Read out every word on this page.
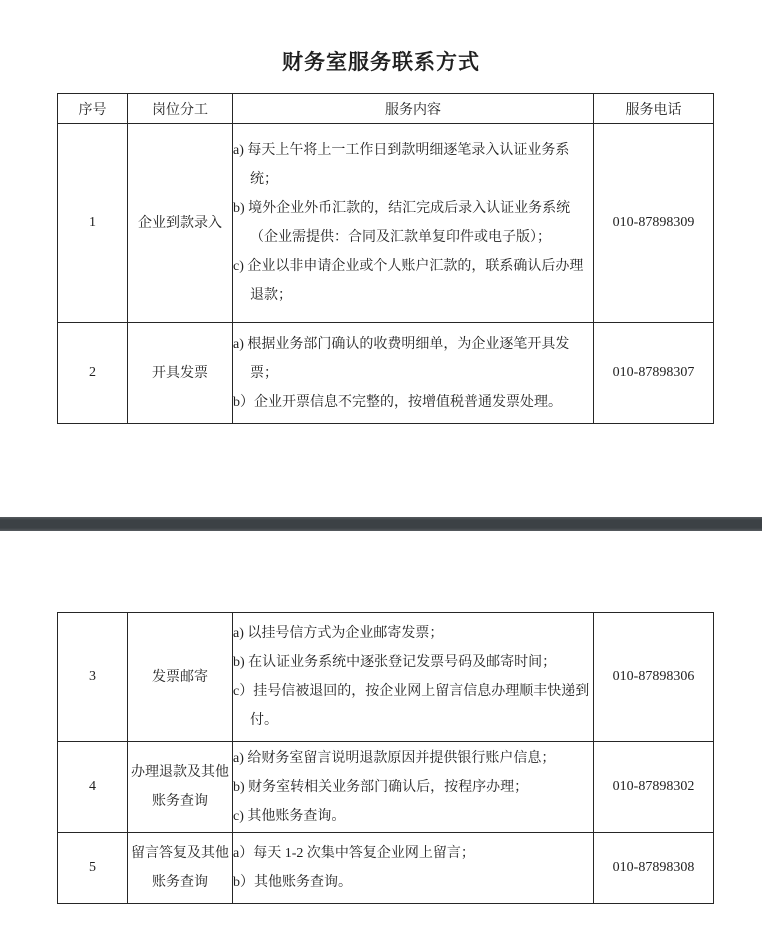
财务室服务联系方式
序号	岗位分工	服务内容	服务电话
1	企业到款录入	a) 每天上午将上一工作日到款明细逐笔录入认证业务系统；
b) 境外企业外币汇款的，结汇完成后录入认证业务系统（企业需提供：合同及汇款单复印件或电子版）；
c) 企业以非申请企业或个人账户汇款的，联系确认后办理退款；	010-87898309
2	开具发票	a) 根据业务部门确认的收费明细单，为企业逐笔开具发票；
b）企业开票信息不完整的，按增值税普通发票处理。	010-87898307
3	发票邮寄	a) 以挂号信方式为企业邮寄发票；
b) 在认证业务系统中逐张登记发票号码及邮寄时间；
c）挂号信被退回的，按企业网上留言信息办理顺丰快递到付。	010-87898306
4	办理退款及其他账务查询	a) 给财务室留言说明退款原因并提供银行账户信息；
b) 财务室转相关业务部门确认后，按程序办理；
c) 其他账务查询。	010-87898302
5	留言答复及其他账务查询	a）每天 1-2 次集中答复企业网上留言；
b）其他账务查询。	010-87898308
